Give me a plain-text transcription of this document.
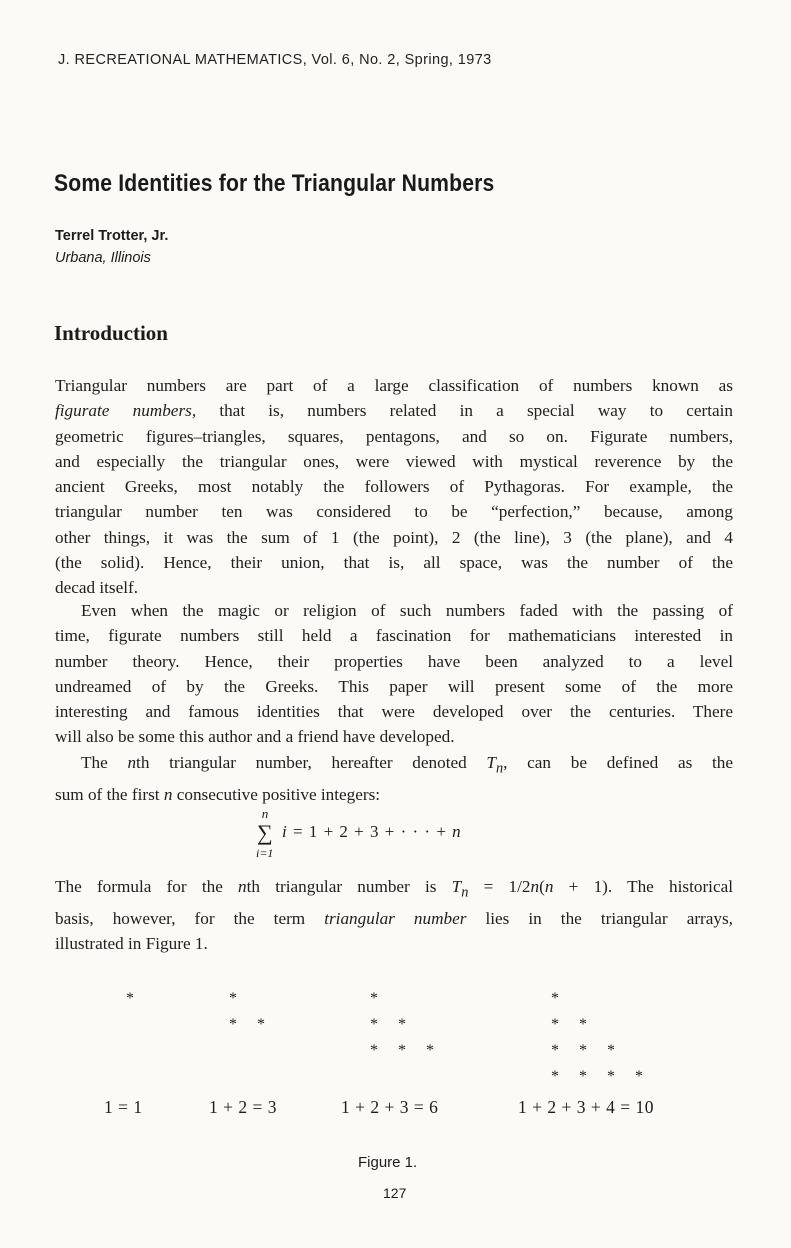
J. RECREATIONAL MATHEMATICS, Vol. 6, No. 2, Spring, 1973
Some Identities for the Triangular Numbers
Terrel Trotter, Jr.
Urbana, Illinois
Introduction
Triangular numbers are part of a large classification of numbers known as
figurate numbers, that is, numbers related in a special way to certain
geometric figures–triangles, squares, pentagons, and so on. Figurate numbers,
and especially the triangular ones, were viewed with mystical reverence by the
ancient Greeks, most notably the followers of Pythagoras. For example, the
triangular number ten was considered to be “perfection,” because, among
other things, it was the sum of 1 (the point), 2 (the line), 3 (the plane), and 4
(the solid). Hence, their union, that is, all space, was the number of the
decad itself.
Even when the magic or religion of such numbers faded with the passing of
time, figurate numbers still held a fascination for mathematicians interested in
number theory. Hence, their properties have been analyzed to a level
undreamed of by the Greeks. This paper will present some of the more
interesting and famous identities that were developed over the centuries. There
will also be some this author and a friend have developed.
The nth triangular number, hereafter denoted $T_n$, can be defined as the
sum of the first n consecutive positive integers:
n
∑
i=1
i = 1 + 2 + 3 + · · · + n
The formula for the nth triangular number is $T_n = 1/2n(n + 1)$. The historical
basis, however, for the term triangular number lies in the triangular arrays,
illustrated in Figure 1.
*	*
* *
*
* *
* * *
*
* *
* * *
* * * *
1 = 1	1 + 2 = 3	1 + 2 + 3 = 6	1 + 2 + 3 + 4 = 10
Figure 1.
127
